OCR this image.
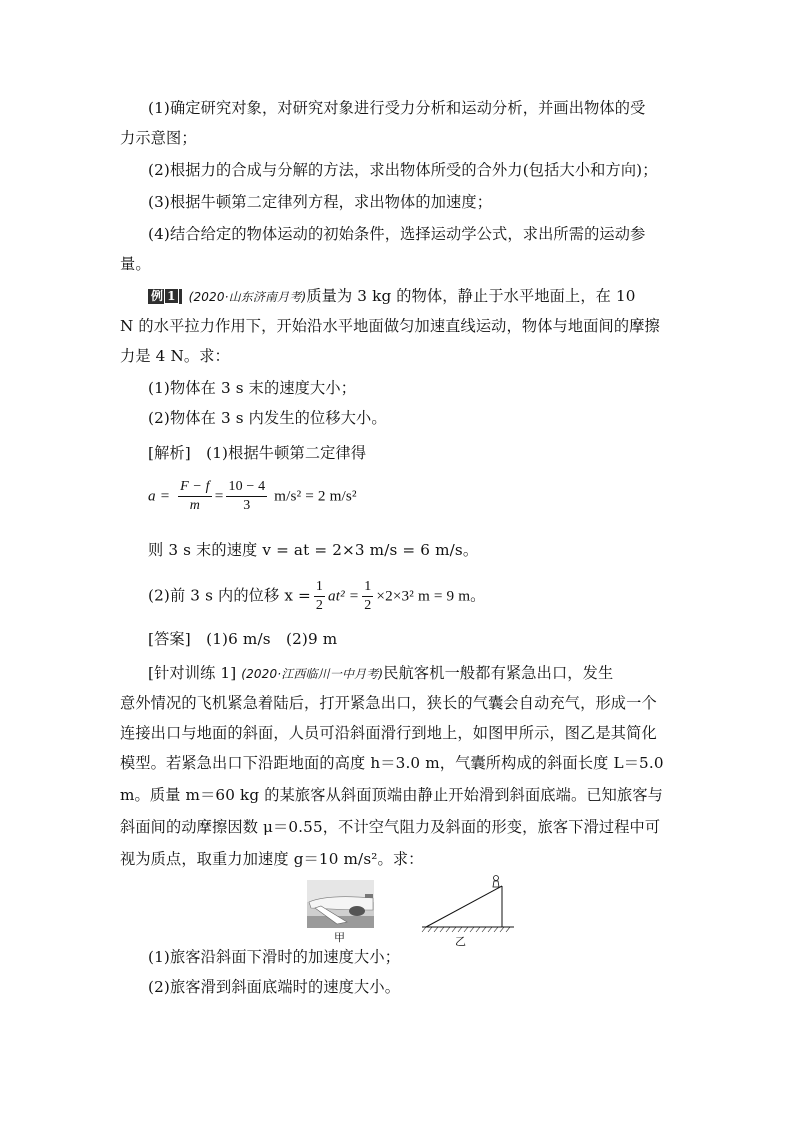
(1)确定研究对象，对研究对象进行受力分析和运动分析，并画出物体的受
力示意图；
(2)根据力的合成与分解的方法，求出物体所受的合外力(包括大小和方向)；
(3)根据牛顿第二定律列方程，求出物体的加速度；
(4)结合给定的物体运动的初始条件，选择运动学公式，求出所需的运动参
量。
例 1 (2020·山东济南月考)质量为 3 kg 的物体，静止于水平地面上，在 10
N 的水平拉力作用下，开始沿水平地面做匀加速直线运动，物体与地面间的摩擦
力是 4 N。求：
(1)物体在 3 s 末的速度大小；
(2)物体在 3 s 内发生的位移大小。
[解析]　(1)根据牛顿第二定律得
$a = \frac{F - f}{m} = \frac{10 - 4}{3} m/s^2 = 2$ m/s²
则 3 s 末的速度 v = at = 2×3 m/s = 6 m/s。
(2)前 3 s 内的位移 $x = \frac{1}{2} at^2 = \frac{1}{2} \times 2\times 3^2$ m = 9 m。
[答案]　(1)6 m/s　(2)9 m
[针对训练 1] (2020·江西临川一中月考)民航客机一般都有紧急出口，发生
意外情况的飞机紧急着陆后，打开紧急出口，狭长的气囊会自动充气，形成一个
连接出口与地面的斜面，人员可沿斜面滑行到地上，如图甲所示，图乙是其简化
模型。若紧急出口下沿距地面的高度 h＝3.0 m，气囊所构成的斜面长度 L＝5.0
m。质量 m＝60 kg 的某旅客从斜面顶端由静止开始滑到斜面底端。已知旅客与
斜面间的动摩擦因数 μ＝0.55，不计空气阻力及斜面的形变，旅客下滑过程中可
视为质点，取重力加速度 g＝10 m/s²。求：
甲	乙
(1)旅客沿斜面下滑时的加速度大小；
(2)旅客滑到斜面底端时的速度大小。
